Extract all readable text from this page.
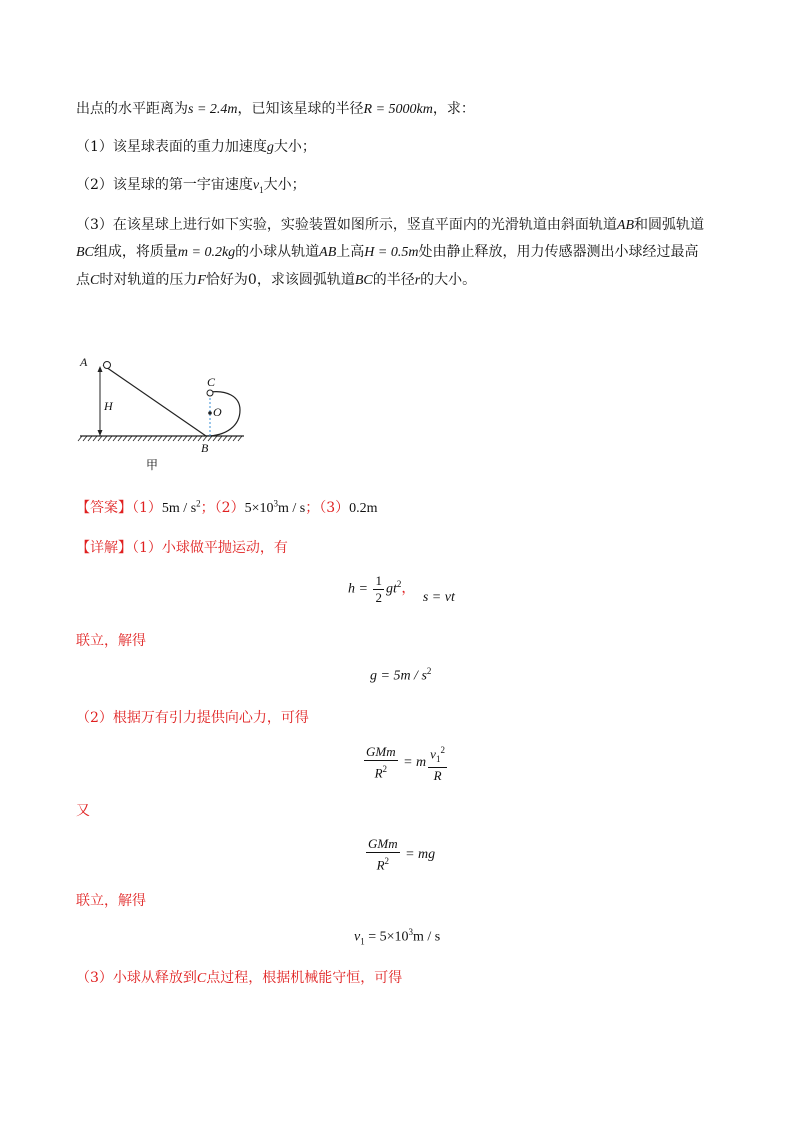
出点的水平距离为s = 2.4m，已知该星球的半径R = 5000km，求：
（1）该星球表面的重力加速度g大小；
（2）该星球的第一宇宙速度$v_1$大小；
（3）在该星球上进行如下实验，实验装置如图所示，竖直平面内的光滑轨道由斜面轨道AB和圆弧轨道
BC组成，将质量m = 0.2kg的小球从轨道AB上高H = 0.5m处由静止释放，用力传感器测出小球经过最高
点C时对轨道的压力F恰好为0，求该圆弧轨道BC的半径r的大小。
A
H
C
O
B
甲
【答案】$(1)5m / s^2$；$(2)5\times 10^3m / s$；（3）0.2m
【详解】（1）小球做平抛运动，有
$h = \frac{1}{2} gt^2$， s = vt
联立，解得
$g = 5m / s^2$
（2）根据万有引力提供向心力，可得
$\frac{\text{GMm}}{R^2} = m \frac{v_1^2}{R}$
又
$\frac{\text{GMm}}{R^2}$ = mg
联立，解得
$v_1 = 5\times 10^3m / s$
（3）小球从释放到C点过程，根据机械能守恒，可得
